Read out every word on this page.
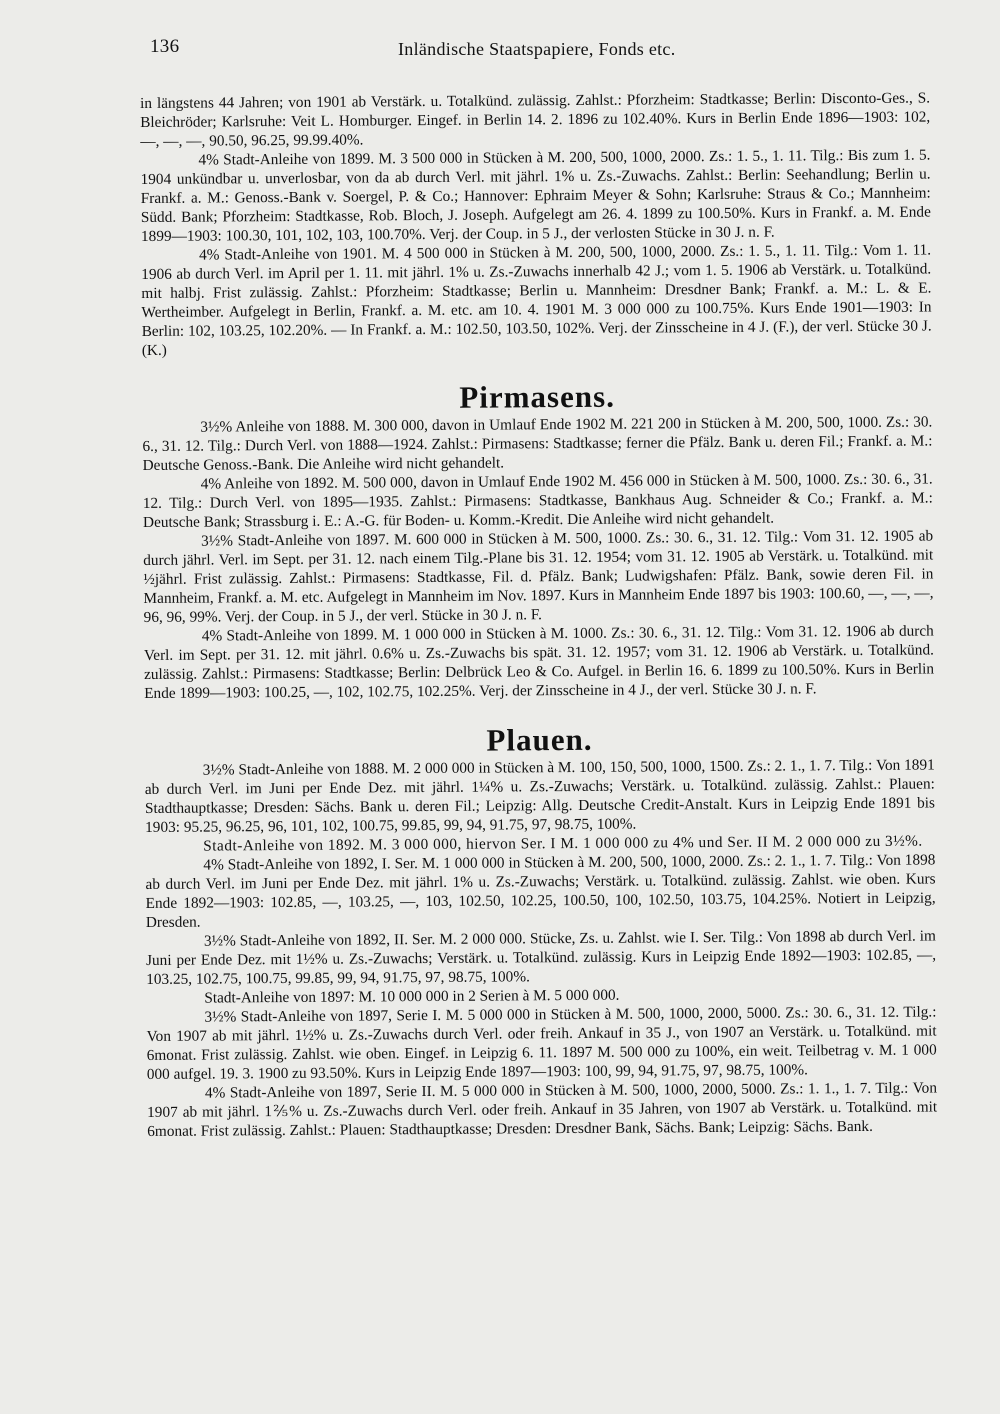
136	Inländische Staatspapiere, Fonds etc.

in längstens 44 Jahren; von 1901 ab Verstärk. u. Totalkünd. zulässig. Zahlst.: Pforzheim: Stadtkasse; Berlin: Disconto-Ges., S. Bleichröder; Karlsruhe: Veit L. Homburger. Eingef. in Berlin 14. 2. 1896 zu 102.40%. Kurs in Berlin Ende 1896—1903: 102, —, —, —, 90.50, 96.25, 99.99.40%.

4% Stadt-Anleihe von 1899. M. 3 500 000 in Stücken à M. 200, 500, 1000, 2000. Zs.: 1. 5., 1. 11. Tilg.: Bis zum 1. 5. 1904 unkündbar u. unverlosbar, von da ab durch Verl. mit jährl. 1% u. Zs.-Zuwachs. Zahlst.: Berlin: Seehandlung; Berlin u. Frankf. a. M.: Genoss.-Bank v. Soergel, P. & Co.; Hannover: Ephraim Meyer & Sohn; Karlsruhe: Straus & Co.; Mannheim: Südd. Bank; Pforzheim: Stadtkasse, Rob. Bloch, J. Joseph. Aufgelegt am 26. 4. 1899 zu 100.50%. Kurs in Frankf. a. M. Ende 1899—1903: 100.30, 101, 102, 103, 100.70%. Verj. der Coup. in 5 J., der verlosten Stücke in 30 J. n. F.

4% Stadt-Anleihe von 1901. M. 4 500 000 in Stücken à M. 200, 500, 1000, 2000. Zs.: 1. 5., 1. 11. Tilg.: Vom 1. 11. 1906 ab durch Verl. im April per 1. 11. mit jährl. 1% u. Zs.-Zuwachs innerhalb 42 J.; vom 1. 5. 1906 ab Verstärk. u. Totalkünd. mit halbj. Frist zulässig. Zahlst.: Pforzheim: Stadtkasse; Berlin u. Mannheim: Dresdner Bank; Frankf. a. M.: L. & E. Wertheimber. Aufgelegt in Berlin, Frankf. a. M. etc. am 10. 4. 1901 M. 3 000 000 zu 100.75%. Kurs Ende 1901—1903: In Berlin: 102, 103.25, 102.20%. — In Frankf. a. M.: 102.50, 103.50, 102%. Verj. der Zinsscheine in 4 J. (F.), der verl. Stücke 30 J. (K.)

Pirmasens.

3½% Anleihe von 1888. M. 300 000, davon in Umlauf Ende 1902 M. 221 200 in Stücken à M. 200, 500, 1000. Zs.: 30. 6., 31. 12. Tilg.: Durch Verl. von 1888—1924. Zahlst.: Pirmasens: Stadtkasse; ferner die Pfälz. Bank u. deren Fil.; Frankf. a. M.: Deutsche Genoss.-Bank. Die Anleihe wird nicht gehandelt.

4% Anleihe von 1892. M. 500 000, davon in Umlauf Ende 1902 M. 456 000 in Stücken à M. 500, 1000. Zs.: 30. 6., 31. 12. Tilg.: Durch Verl. von 1895—1935. Zahlst.: Pirmasens: Stadtkasse, Bankhaus Aug. Schneider & Co.; Frankf. a. M.: Deutsche Bank; Strassburg i. E.: A.-G. für Boden- u. Komm.-Kredit. Die Anleihe wird nicht gehandelt.

3½% Stadt-Anleihe von 1897. M. 600 000 in Stücken à M. 500, 1000. Zs.: 30. 6., 31. 12. Tilg.: Vom 31. 12. 1905 ab durch jährl. Verl. im Sept. per 31. 12. nach einem Tilg.-Plane bis 31. 12. 1954; vom 31. 12. 1905 ab Verstärk. u. Totalkünd. mit ½jährl. Frist zulässig. Zahlst.: Pirmasens: Stadtkasse, Fil. d. Pfälz. Bank; Ludwigshafen: Pfälz. Bank, sowie deren Fil. in Mannheim, Frankf. a. M. etc. Aufgelegt in Mannheim im Nov. 1897. Kurs in Mannheim Ende 1897 bis 1903: 100.60, —, —, —, 96, 96, 99%. Verj. der Coup. in 5 J., der verl. Stücke in 30 J. n. F.

4% Stadt-Anleihe von 1899. M. 1 000 000 in Stücken à M. 1000. Zs.: 30. 6., 31. 12. Tilg.: Vom 31. 12. 1906 ab durch Verl. im Sept. per 31. 12. mit jährl. 0.6% u. Zs.-Zuwachs bis spät. 31. 12. 1957; vom 31. 12. 1906 ab Verstärk. u. Totalkünd. zulässig. Zahlst.: Pirmasens: Stadtkasse; Berlin: Delbrück Leo & Co. Aufgel. in Berlin 16. 6. 1899 zu 100.50%. Kurs in Berlin Ende 1899—1903: 100.25, —, 102, 102.75, 102.25%. Verj. der Zinsscheine in 4 J., der verl. Stücke 30 J. n. F.

Plauen.

3½% Stadt-Anleihe von 1888. M. 2 000 000 in Stücken à M. 100, 150, 500, 1000, 1500. Zs.: 2. 1., 1. 7. Tilg.: Von 1891 ab durch Verl. im Juni per Ende Dez. mit jährl. 1¼% u. Zs.-Zuwachs; Verstärk. u. Totalkünd. zulässig. Zahlst.: Plauen: Stadthauptkasse; Dresden: Sächs. Bank u. deren Fil.; Leipzig: Allg. Deutsche Credit-Anstalt. Kurs in Leipzig Ende 1891 bis 1903: 95.25, 96.25, 96, 101, 102, 100.75, 99.85, 99, 94, 91.75, 97, 98.75, 100%.

Stadt-Anleihe von 1892. M. 3 000 000, hiervon Ser. I M. 1 000 000 zu 4% und Ser. II M. 2 000 000 zu 3½%.

4% Stadt-Anleihe von 1892, I. Ser. M. 1 000 000 in Stücken à M. 200, 500, 1000, 2000. Zs.: 2. 1., 1. 7. Tilg.: Von 1898 ab durch Verl. im Juni per Ende Dez. mit jährl. 1% u. Zs.-Zuwachs; Verstärk. u. Totalkünd. zulässig. Zahlst. wie oben. Kurs Ende 1892—1903: 102.85, —, 103.25, —, 103, 102.50, 102.25, 100.50, 100, 102.50, 103.75, 104.25%. Notiert in Leipzig, Dresden.

3½% Stadt-Anleihe von 1892, II. Ser. M. 2 000 000. Stücke, Zs. u. Zahlst. wie I. Ser. Tilg.: Von 1898 ab durch Verl. im Juni per Ende Dez. mit 1½% u. Zs.-Zuwachs; Verstärk. u. Totalkünd. zulässig. Kurs in Leipzig Ende 1892—1903: 102.85, —, 103.25, 102.75, 100.75, 99.85, 99, 94, 91.75, 97, 98.75, 100%.

Stadt-Anleihe von 1897: M. 10 000 000 in 2 Serien à M. 5 000 000.

3½% Stadt-Anleihe von 1897, Serie I. M. 5 000 000 in Stücken à M. 500, 1000, 2000, 5000. Zs.: 30. 6., 31. 12. Tilg.: Von 1907 ab mit jährl. 1½% u. Zs.-Zuwachs durch Verl. oder freih. Ankauf in 35 J., von 1907 an Verstärk. u. Totalkünd. mit 6monat. Frist zulässig. Zahlst. wie oben. Eingef. in Leipzig 6. 11. 1897 M. 500 000 zu 100%, ein weit. Teilbetrag v. M. 1 000 000 aufgel. 19. 3. 1900 zu 93.50%. Kurs in Leipzig Ende 1897—1903: 100, 99, 94, 91.75, 97, 98.75, 100%.

4% Stadt-Anleihe von 1897, Serie II. M. 5 000 000 in Stücken à M. 500, 1000, 2000, 5000. Zs.: 1. 1., 1. 7. Tilg.: Von 1907 ab mit jährl. 1⅖% u. Zs.-Zuwachs durch Verl. oder freih. Ankauf in 35 Jahren, von 1907 ab Verstärk. u. Totalkünd. mit 6monat. Frist zulässig. Zahlst.: Plauen: Stadthauptkasse; Dresden: Dresdner Bank, Sächs. Bank; Leipzig: Sächs. Bank.
